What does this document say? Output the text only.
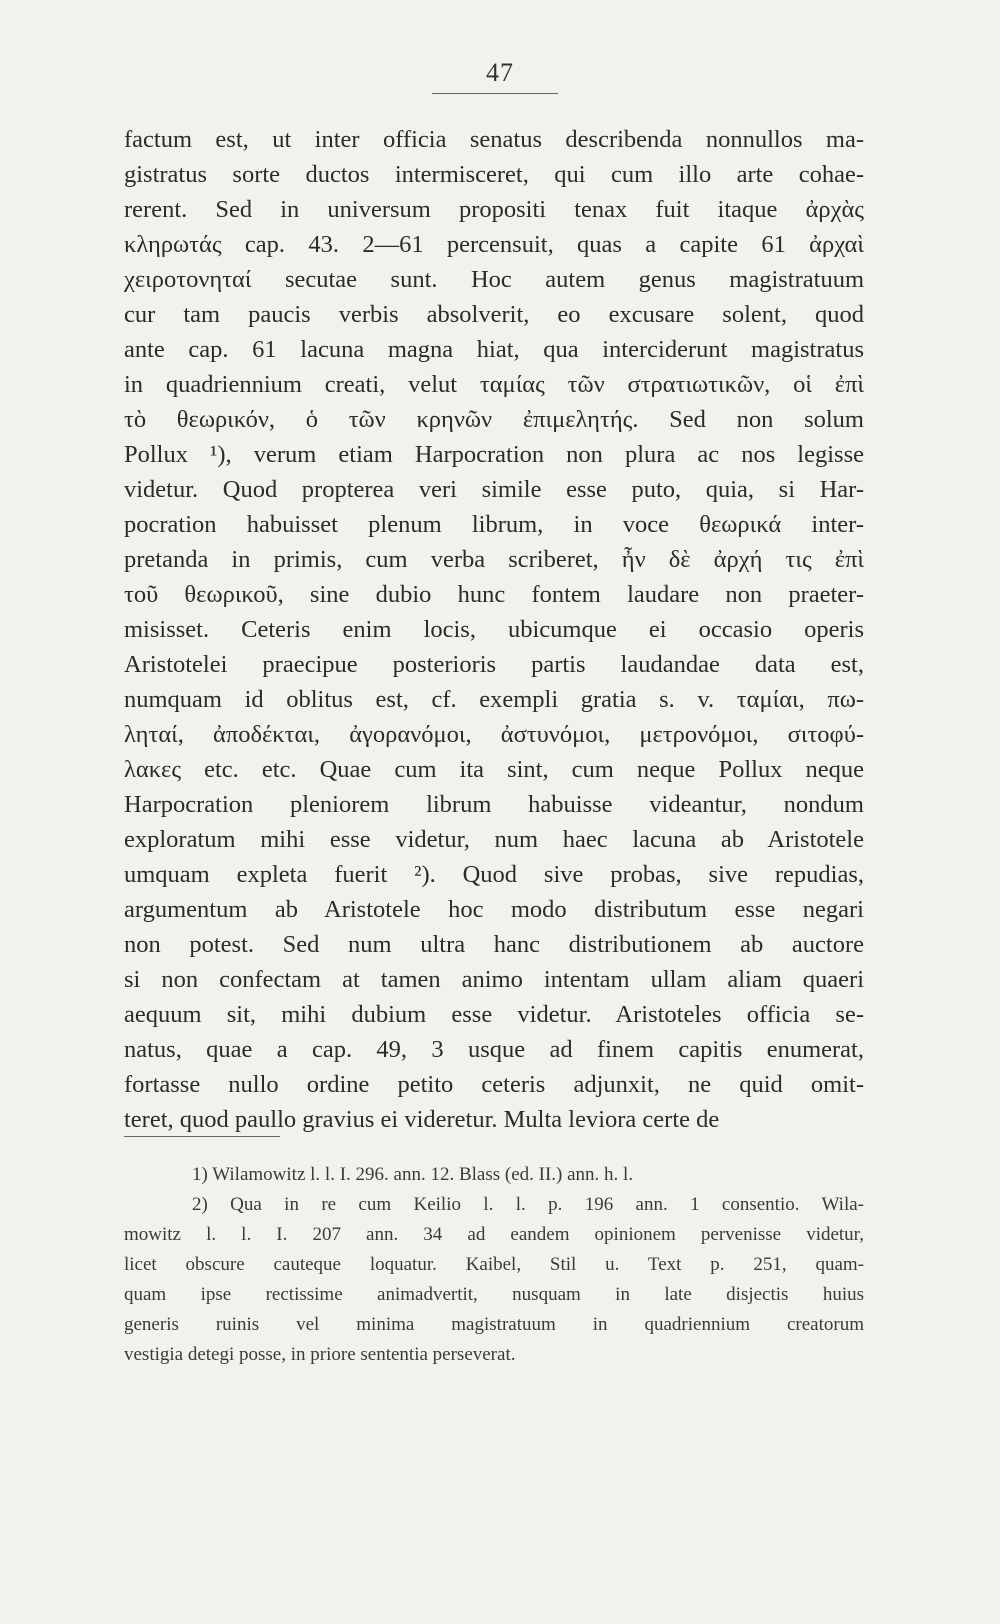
47
factum est, ut inter officia senatus describenda nonnullos ma-
gistratus sorte ductos intermisceret, qui cum illo arte cohae-
rerent. Sed in universum propositi tenax fuit itaque ἀρχὰς
κληρωτάς cap. 43. 2—61 percensuit, quas a capite 61 ἀρχαὶ
χειροτονηταί secutae sunt. Hoc autem genus magistratuum
cur tam paucis verbis absolverit, eo excusare solent, quod
ante cap. 61 lacuna magna hiat, qua interciderunt magistratus
in quadriennium creati, velut ταμίας τῶν στρατιωτικῶν, οἱ ἐπὶ
τὸ θεωρικόν, ὁ τῶν κρηνῶν ἐπιμελητής. Sed non solum
Pollux ¹), verum etiam Harpocration non plura ac nos legisse
videtur. Quod propterea veri simile esse puto, quia, si Har-
pocration habuisset plenum librum, in voce θεωρικά inter-
pretanda in primis, cum verba scriberet, ἦν δὲ ἀρχή τις ἐπὶ
τοῦ θεωρικοῦ, sine dubio hunc fontem laudare non praeter-
misisset. Ceteris enim locis, ubicumque ei occasio operis
Aristotelei praecipue posterioris partis laudandae data est,
numquam id oblitus est, cf. exempli gratia s. v. ταμίαι, πω-
ληταί, ἀποδέκται, ἀγορανόμοι, ἀστυνόμοι, μετρονόμοι, σιτοφύ-
λακες etc. etc. Quae cum ita sint, cum neque Pollux neque
Harpocration pleniorem librum habuisse videantur, nondum
exploratum mihi esse videtur, num haec lacuna ab Aristotele
umquam expleta fuerit ²). Quod sive probas, sive repudias,
argumentum ab Aristotele hoc modo distributum esse negari
non potest. Sed num ultra hanc distributionem ab auctore
si non confectam at tamen animo intentam ullam aliam quaeri
aequum sit, mihi dubium esse videtur. Aristoteles officia se-
natus, quae a cap. 49, 3 usque ad finem capitis enumerat,
fortasse nullo ordine petito ceteris adjunxit, ne quid omit-
teret, quod paullo gravius ei videretur. Multa leviora certe de
1) Wilamowitz l. l. I. 296. ann. 12. Blass (ed. II.) ann. h. l.
2) Qua in re cum Keilio l. l. p. 196 ann. 1 consentio. Wila-
mowitz l. l. I. 207 ann. 34 ad eandem opinionem pervenisse videtur,
licet obscure cauteque loquatur. Kaibel, Stil u. Text p. 251, quam-
quam ipse rectissime animadvertit, nusquam in late disjectis huius
generis ruinis vel minima magistratuum in quadriennium creatorum
vestigia detegi posse, in priore sententia perseverat.
